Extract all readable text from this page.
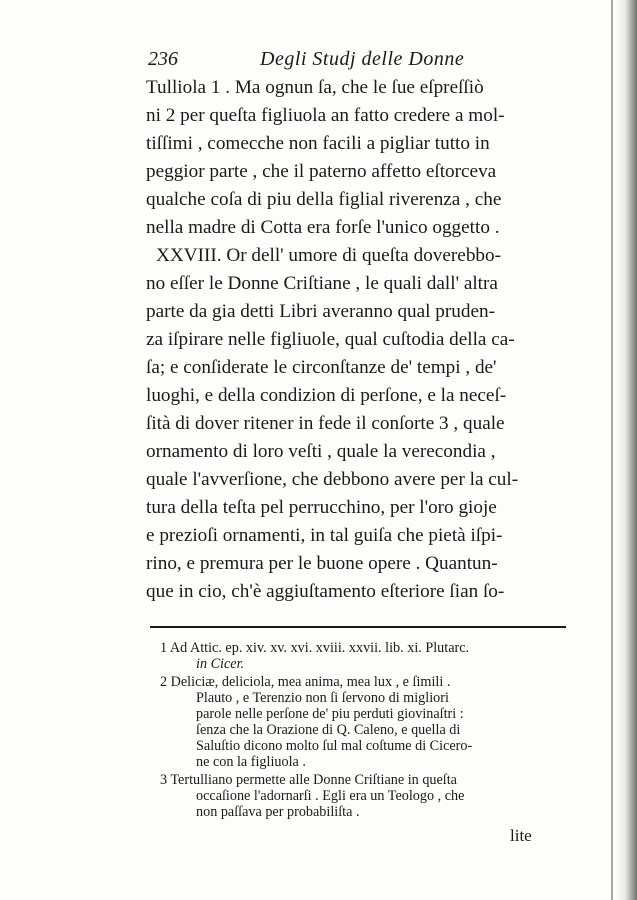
236	Degli Studj delle Donne
Tulliola 1 . Ma ognun ſa, che le ſue eſpreſſiò
ni 2 per queſta figliuola an fatto credere a mol-
tiſſimi , comecche non facili a pigliar tutto in
peggior parte , che il paterno affetto eſtorceva
qualche coſa di piu della figlial riverenza , che
nella madre di Cotta era forſe l'unico oggetto .
XXVIII. Or dell' umore di queſta doverebbo-
no eſſer le Donne Criſtiane , le quali dall' altra
parte da gia detti Libri averanno qual pruden-
za iſpirare nelle figliuole, qual cuſtodia della ca-
ſa; e conſiderate le circonſtanze de' tempi , de'
luoghi, e della condizion di perſone, e la neceſ-
ſità di dover ritener in fede il conſorte 3 , quale
ornamento di loro veſti , quale la verecondia ,
quale l'avverſione, che debbono avere per la cul-
tura della teſta pel perrucchino, per l'oro gioje
e prezioſi ornamenti, in tal guiſa che pietà iſpi-
rino, e premura per le buone opere . Quantun-
que in cio, ch'è aggiuſtamento eſteriore ſian ſo-
1 Ad Attic. ep. xiv. xv. xvi. xviii. xxvii. lib. xi. Plutarc.
in Cicer.
2 Deliciæ, deliciola, mea anima, mea lux , e ſimili .
Plauto , e Terenzio non ſi ſervono di migliori
parole nelle perſone de' piu perduti giovinaſtri :
ſenza che la Orazione di Q. Caleno, e quella di
Saluſtio dicono molto ſul mal coſtume di Cicero-
ne con la figliuola .
3 Tertulliano permette alle Donne Criſtiane in queſta
occaſione l'adornarſi . Egli era un Teologo , che
non paſſava per probabiliſta .
lite
